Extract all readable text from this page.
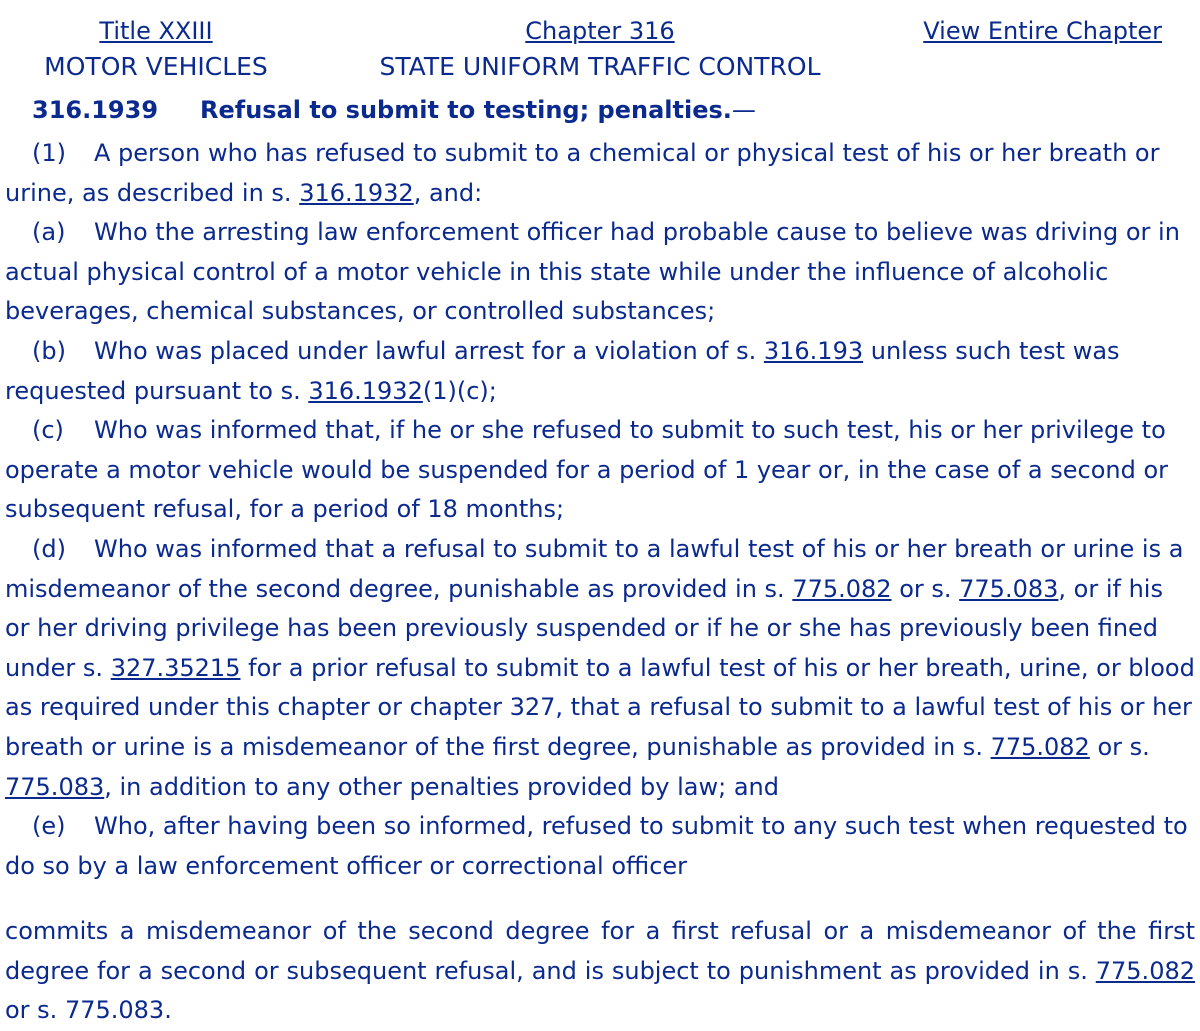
Title XXIII
MOTOR VEHICLES
Chapter 316
STATE UNIFORM TRAFFIC CONTROL
View Entire Chapter
316.1939 Refusal to submit to testing; penalties.—

(1) A person who has refused to submit to a chemical or physical test of his or her breath or urine, as described in s. 316.1932, and:

(a) Who the arresting law enforcement officer had probable cause to believe was driving or in actual physical control of a motor vehicle in this state while under the influence of alcoholic beverages, chemical substances, or controlled substances;

(b) Who was placed under lawful arrest for a violation of s. 316.193 unless such test was requested pursuant to s. 316.1932(1)(c);

(c) Who was informed that, if he or she refused to submit to such test, his or her privilege to operate a motor vehicle would be suspended for a period of 1 year or, in the case of a second or subsequent refusal, for a period of 18 months;

(d) Who was informed that a refusal to submit to a lawful test of his or her breath or urine is a misdemeanor of the second degree, punishable as provided in s. 775.082 or s. 775.083, or if his or her driving privilege has been previously suspended or if he or she has previously been fined under s. 327.35215 for a prior refusal to submit to a lawful test of his or her breath, urine, or blood as required under this chapter or chapter 327, that a refusal to submit to a lawful test of his or her breath or urine is a misdemeanor of the first degree, punishable as provided in s. 775.082 or s. 775.083, in addition to any other penalties provided by law; and

(e) Who, after having been so informed, refused to submit to any such test when requested to do so by a law enforcement officer or correctional officer

commits a misdemeanor of the second degree for a first refusal or a misdemeanor of the first degree for a second or subsequent refusal, and is subject to punishment as provided in s. 775.082 or s. 775.083.
